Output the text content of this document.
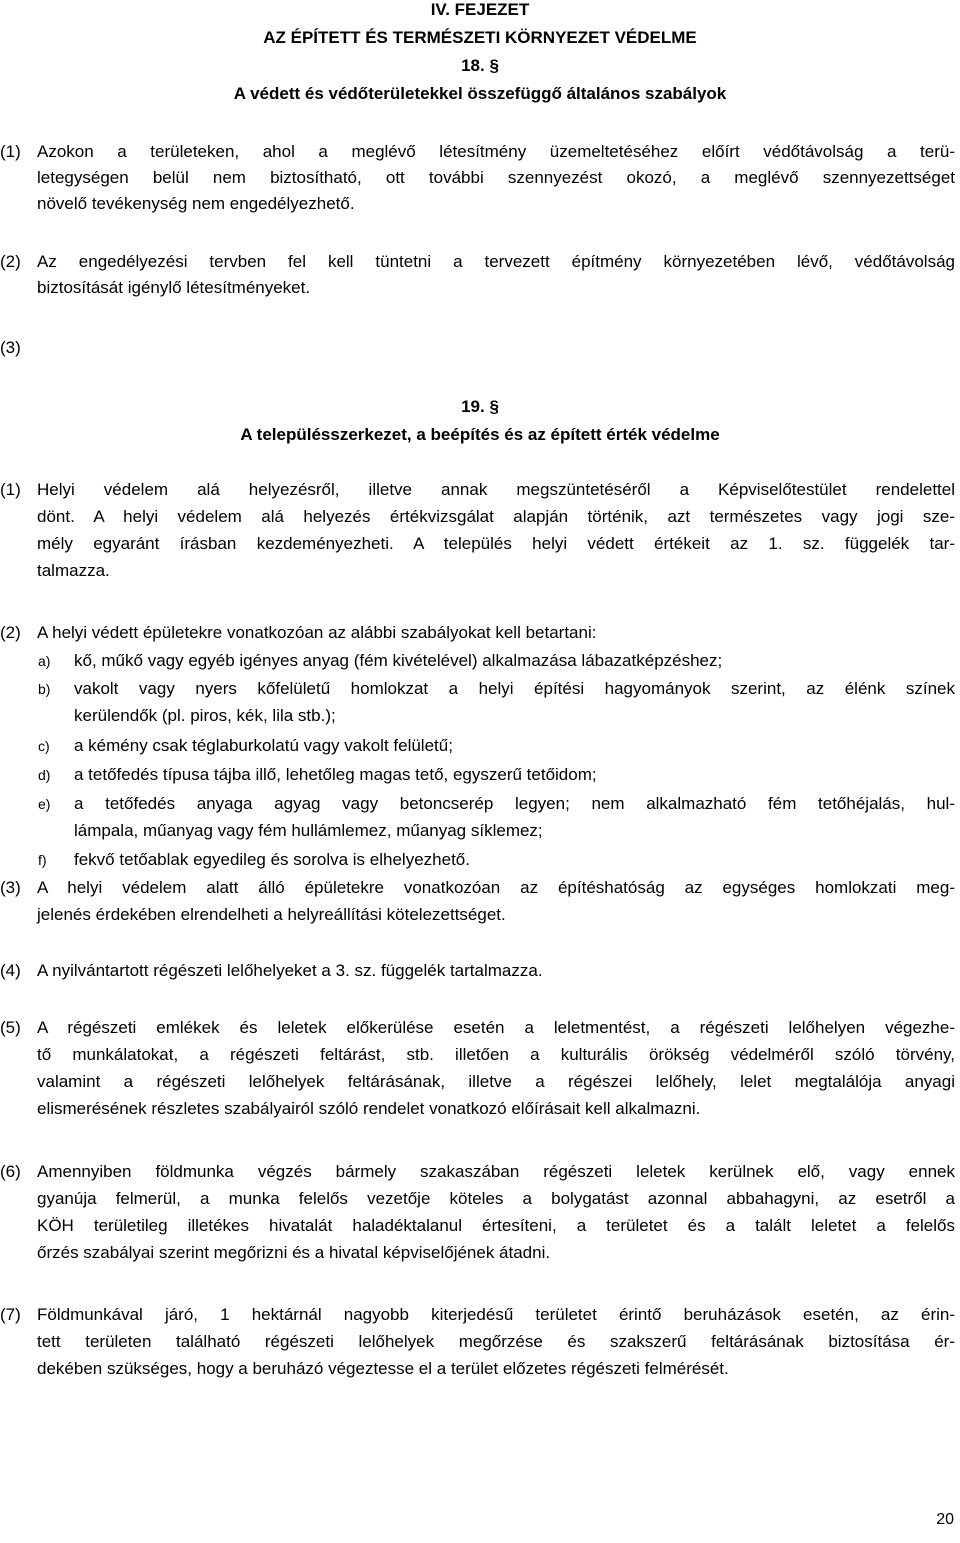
IV. FEJEZET
AZ ÉPÍTETT ÉS TERMÉSZETI KÖRNYEZET VÉDELME
18. §
A védett és védőterületekkel összefüggő általános szabályok
(1) Azokon a területeken, ahol a meglévő létesítmény üzemeltetéséhez előírt védőtávolság a terü-
letegységen belül nem biztosítható, ott további szennyezést okozó, a meglévő szennyezettséget
növelő tevékenység nem engedélyezhető.
(2) Az engedélyezési tervben fel kell tüntetni a tervezett építmény környezetében lévő, védőtávolság
biztosítását igénylő létesítményeket.
(3)
19. §
A településszerkezet, a beépítés és az épített érték védelme
(1) Helyi védelem alá helyezésről, illetve annak megszüntetéséről a Képviselőtestület rendelettel
dönt. A helyi védelem alá helyezés értékvizsgálat alapján történik, azt természetes vagy jogi sze-
mély egyaránt írásban kezdeményezheti. A település helyi védett értékeit az 1. sz. függelék tar-
talmazza.
(2) A helyi védett épületekre vonatkozóan az alábbi szabályokat kell betartani:
a) kő, műkő vagy egyéb igényes anyag (fém kivételével) alkalmazása lábazatképzéshez;
b) vakolt vagy nyers kőfelületű homlokzat a helyi építési hagyományok szerint, az élénk színek
kerülendők (pl. piros, kék, lila stb.);
c) a kémény csak téglaburkolatú vagy vakolt felületű;
d) a tetőfedés típusa tájba illő, lehetőleg magas tető, egyszerű tetőidom;
e) a tetőfedés anyaga agyag vagy betoncserép legyen; nem alkalmazható fém tetőhéjalás, hul-
lámpala, műanyag vagy fém hullámlemez, műanyag síklemez;
f) fekvő tetőablak egyedileg és sorolva is elhelyezhető.
(3) A helyi védelem alatt álló épületekre vonatkozóan az építéshatóság az egységes homlokzati meg-
jelenés érdekében elrendelheti a helyreállítási kötelezettséget.
(4) A nyilvántartott régészeti lelőhelyeket a 3. sz. függelék tartalmazza.
(5) A régészeti emlékek és leletek előkerülése esetén a leletmentést, a régészeti lelőhelyen végezhe-
tő munkálatokat, a régészeti feltárást, stb. illetően a kulturális örökség védelméről szóló törvény,
valamint a régészeti lelőhelyek feltárásának, illetve a régészei lelőhely, lelet megtalálója anyagi
elismerésének részletes szabályairól szóló rendelet vonatkozó előírásait kell alkalmazni.
(6) Amennyiben földmunka végzés bármely szakaszában régészeti leletek kerülnek elő, vagy ennek
gyanúja felmerül, a munka felelős vezetője köteles a bolygatást azonnal abbahagyni, az esetről a
KÖH területileg illetékes hivatalát haladéktalanul értesíteni, a területet és a talált leletet a felelős
őrzés szabályai szerint megőrizni és a hivatal képviselőjének átadni.
(7) Földmunkával járó, 1 hektárnál nagyobb kiterjedésű területet érintő beruházások esetén, az érin-
tett területen található régészeti lelőhelyek megőrzése és szakszerű feltárásának biztosítása ér-
dekében szükséges, hogy a beruházó végeztesse el a terület előzetes régészeti felmérését.
20
